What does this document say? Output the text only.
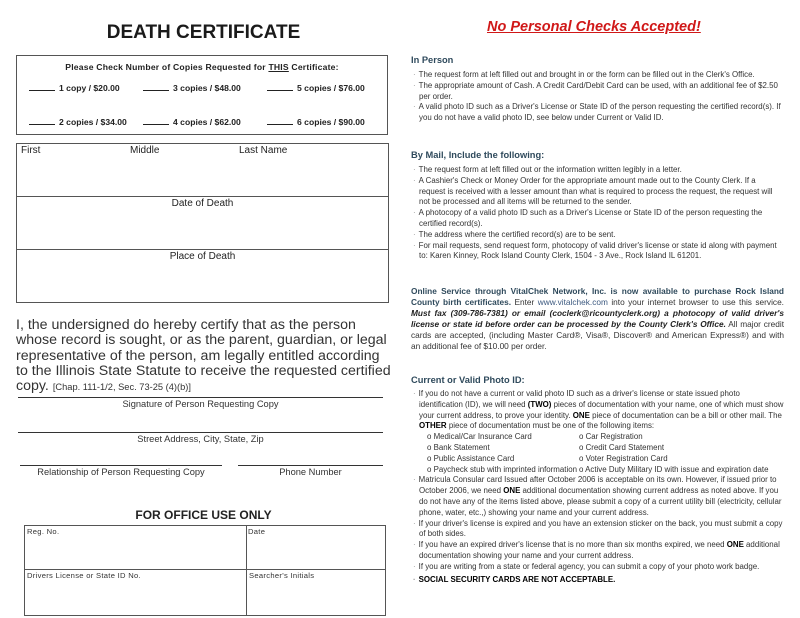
DEATH CERTIFICATE
Please Check Number of Copies Requested for THIS Certificate:
1 copy / $20.00	3 copies / $48.00	5 copies / $76.00
2 copies / $34.00	4 copies / $62.00	6 copies / $90.00
First	Middle	Last Name
Date of Death
Place of Death
I, the undersigned do hereby certify that as the person whose record is sought, or as the parent, guardian, or legal representative of the person, am legally entitled according to the Illinois State Statute to receive the requested certified copy. [Chap. 111-1/2, Sec. 73-25 (4)(b)]
Signature of Person Requesting Copy
Street Address, City, State, Zip
Relationship of Person Requesting Copy	Phone Number
FOR OFFICE USE ONLY
Reg. No.	Date
Drivers License or State ID No.	Searcher's Initials
No Personal Checks Accepted!
In Person
· The request form at left filled out and brought in or the form can be filled out in the Clerk's Office.
· The appropriate amount of Cash. A Credit Card/Debit Card can be used, with an additional fee of $2.50 per order.
· A valid photo ID such as a Driver's License or State ID of the person requesting the certified record(s). If you do not have a valid photo ID, see below under Current or Valid ID.
By Mail, Include the following:
· The request form at left filled out or the information written legibly in a letter.
· A Cashier's Check or Money Order for the appropriate amount made out to the County Clerk. If a request is received with a lesser amount than what is required to process the request, the request will not be processed and all items will be returned to the sender.
· A photocopy of a valid photo ID such as a Driver's License or State ID of the person requesting the certified record(s).
· The address where the certified record(s) are to be sent.
· For mail requests, send request form, photocopy of valid driver's license or state id along with payment to: Karen Kinney, Rock Island County Clerk, 1504 - 3 Ave., Rock Island IL 61201.
Online Service through VitalChek Network, Inc. is now available to purchase Rock Island County birth certificates. Enter www.vitalchek.com into your internet browser to use this service. Must fax (309-786-7381) or email (coclerk@ricountyclerk.org) a photocopy of valid driver's license or state id before order can be processed by the County Clerk's Office. All major credit cards are accepted, (including Master Card®, Visa®, Discover® and American Express®) and with an additional fee of $10.00 per order.
Current or Valid Photo ID:
· If you do not have a current or valid photo ID such as a driver's license or state issued photo identification (ID), we will need (TWO) pieces of documentation with your name, one of which must show your current address, to prove your identity. ONE piece of documentation can be a bill or other mail. The OTHER piece of documentation must be one of the following items:
o Medical/Car Insurance Card	o Car Registration
o Bank Statement	o Credit Card Statement
o Public Assistance Card	o Voter Registration Card
o Paycheck stub with imprinted information o Active Duty Military ID with issue and expiration date
· Matricula Consular card Issued after October 2006 is acceptable on its own. However, if issued prior to October 2006, we need ONE additional documentation showing current address as noted above. If you do not have any of the items listed above, please submit a copy of a current utility bill (electricity, cellular phone, water, etc.,) showing your name and your current address.
· If your driver's license is expired and you have an extension sticker on the back, you must submit a copy of both sides.
· If you have an expired driver's license that is no more than six months expired, we need ONE additional documentation showing your name and your current address.
· If you are writing from a state or federal agency, you can submit a copy of your photo work badge.
· SOCIAL SECURITY CARDS ARE NOT ACCEPTABLE.
